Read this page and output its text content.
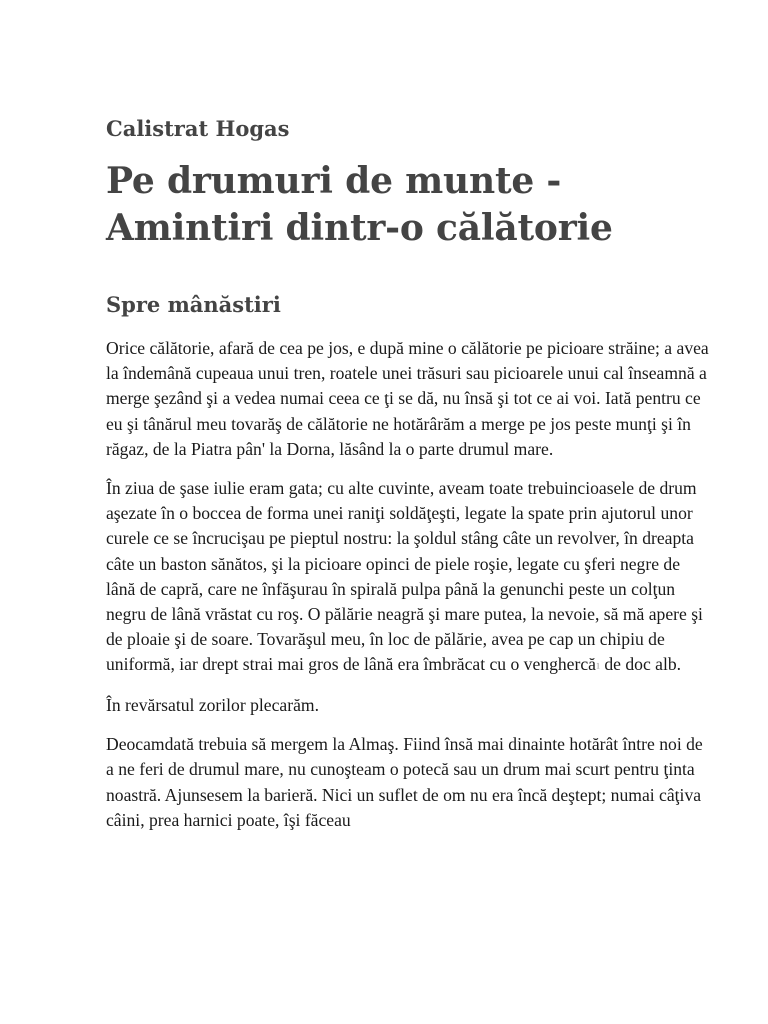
Calistrat Hogas
Pe drumuri de munte - Amintiri dintr-o călătorie
Spre mânăstiri

Orice călătorie, afară de cea pe jos, e după mine o călătorie pe picioare străine; a avea la îndemână cupeaua unui tren, roatele unei trăsuri sau picioarele unui cal înseamnă a merge şezând şi a vedea numai ceea ce ţi se dă, nu însă şi tot ce ai voi. Iată pentru ce eu şi tânărul meu tovarăş de călătorie ne hotărârăm a merge pe jos peste munţi şi în răgaz, de la Piatra pân' la Dorna, lăsând la o parte drumul mare.

În ziua de şase iulie eram gata; cu alte cuvinte, aveam toate trebuincioasele de drum aşezate în o boccea de forma unei raniţi soldăţeşti, legate la spate prin ajutorul unor curele ce se încrucişau pe pieptul nostru: la şoldul stâng câte un revolver, în dreapta câte un baston sănătos, şi la picioare opinci de piele roşie, legate cu şferi negre de lână de capră, care ne înfăşurau în spirală pulpa până la genunchi peste un colţun negru de lână vrăstat cu roş. O pălărie neagră şi mare putea, la nevoie, să mă apere şi de ploaie şi de soare. Tovarăşul meu, în loc de pălărie, avea pe cap un chipiu de uniformă, iar drept strai mai gros de lână era îmbrăcat cu o venghercă1 de doc alb.

În revărsatul zorilor plecarăm.

Deocamdată trebuia să mergem la Almaş. Fiind însă mai dinainte hotărât între noi de a ne feri de drumul mare, nu cunoşteam o potecă sau un drum mai scurt pentru ţinta noastră. Ajunsesem la barieră. Nici un suflet de om nu era încă deştept; numai câţiva câini, prea harnici poate, îşi făceau
